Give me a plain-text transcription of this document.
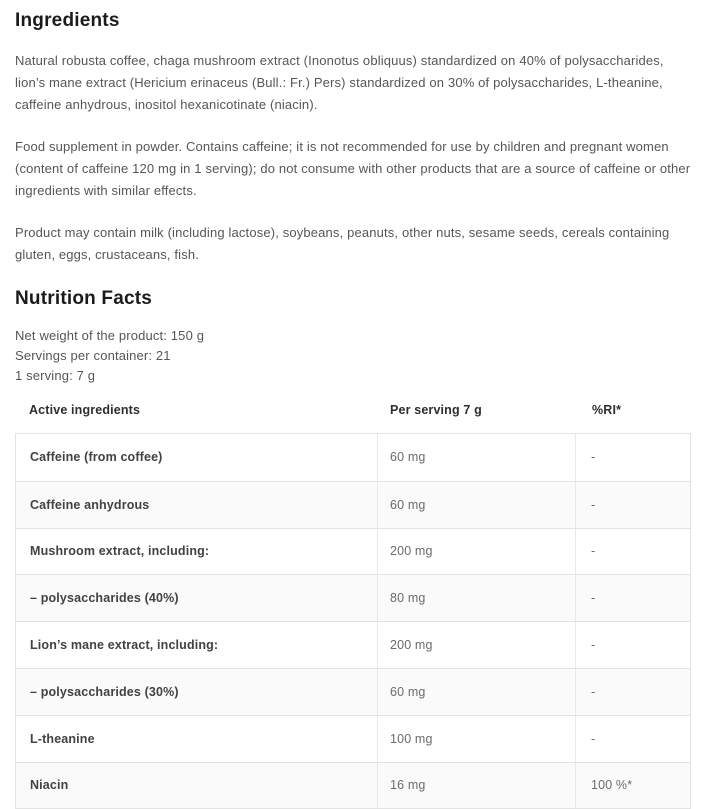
Ingredients

Natural robusta coffee, chaga mushroom extract (Inonotus obliquus) standardized on 40% of polysaccharides, lion’s mane extract (Hericium erinaceus (Bull.: Fr.) Pers) standardized on 30% of polysaccharides, L-theanine, caffeine anhydrous, inositol hexanicotinate (niacin).

Food supplement in powder. Contains caffeine; it is not recommended for use by children and pregnant women (content of caffeine 120 mg in 1 serving); do not consume with other products that are a source of caffeine or other ingredients with similar effects.

Product may contain milk (including lactose), soybeans, peanuts, other nuts, sesame seeds, cereals containing gluten, eggs, crustaceans, fish.

Nutrition Facts
Net weight of the product: 150 g
Servings per container: 21
1 serving: 7 g
Active ingredients	Per serving 7 g	%RI*
Caffeine (from coffee)	60 mg	-
Caffeine anhydrous	60 mg	-
Mushroom extract, including:	200 mg	-
– polysaccharides (40%)	80 mg	-
Lion’s mane extract, including:	200 mg	-
– polysaccharides (30%)	60 mg	-
L-theanine	100 mg	-
Niacin	16 mg	100 %*
